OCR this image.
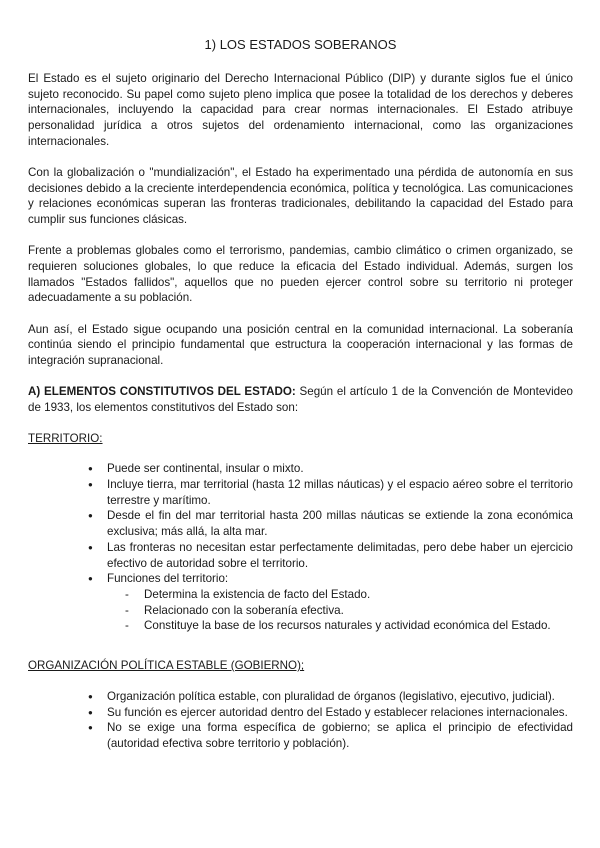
1) LOS ESTADOS SOBERANOS

El Estado es el sujeto originario del Derecho Internacional Público (DIP) y durante siglos fue el único sujeto reconocido. Su papel como sujeto pleno implica que posee la totalidad de los derechos y deberes internacionales, incluyendo la capacidad para crear normas internacionales. El Estado atribuye personalidad jurídica a otros sujetos del ordenamiento internacional, como las organizaciones internacionales.

Con la globalización o "mundialización", el Estado ha experimentado una pérdida de autonomía en sus decisiones debido a la creciente interdependencia económica, política y tecnológica. Las comunicaciones y relaciones económicas superan las fronteras tradicionales, debilitando la capacidad del Estado para cumplir sus funciones clásicas.

Frente a problemas globales como el terrorismo, pandemias, cambio climático o crimen organizado, se requieren soluciones globales, lo que reduce la eficacia del Estado individual. Además, surgen los llamados "Estados fallidos", aquellos que no pueden ejercer control sobre su territorio ni proteger adecuadamente a su población.

Aun así, el Estado sigue ocupando una posición central en la comunidad internacional. La soberanía continúa siendo el principio fundamental que estructura la cooperación internacional y las formas de integración supranacional.

A) ELEMENTOS CONSTITUTIVOS DEL ESTADO: Según el artículo 1 de la Convención de Montevideo de 1933, los elementos constitutivos del Estado son:

TERRITORIO:
● Puede ser continental, insular o mixto.
● Incluye tierra, mar territorial (hasta 12 millas náuticas) y el espacio aéreo sobre el territorio terrestre y marítimo.
● Desde el fin del mar territorial hasta 200 millas náuticas se extiende la zona económica exclusiva; más allá, la alta mar.
● Las fronteras no necesitan estar perfectamente delimitadas, pero debe haber un ejercicio efectivo de autoridad sobre el territorio.
● Funciones del territorio:
- Determina la existencia de facto del Estado.
- Relacionado con la soberanía efectiva.
- Constituye la base de los recursos naturales y actividad económica del Estado.
ORGANIZACIÓN POLÍTICA ESTABLE (GOBIERNO);
● Organización política estable, con pluralidad de órganos (legislativo, ejecutivo, judicial).
● Su función es ejercer autoridad dentro del Estado y establecer relaciones internacionales.
● No se exige una forma específica de gobierno; se aplica el principio de efectividad (autoridad efectiva sobre territorio y población).
